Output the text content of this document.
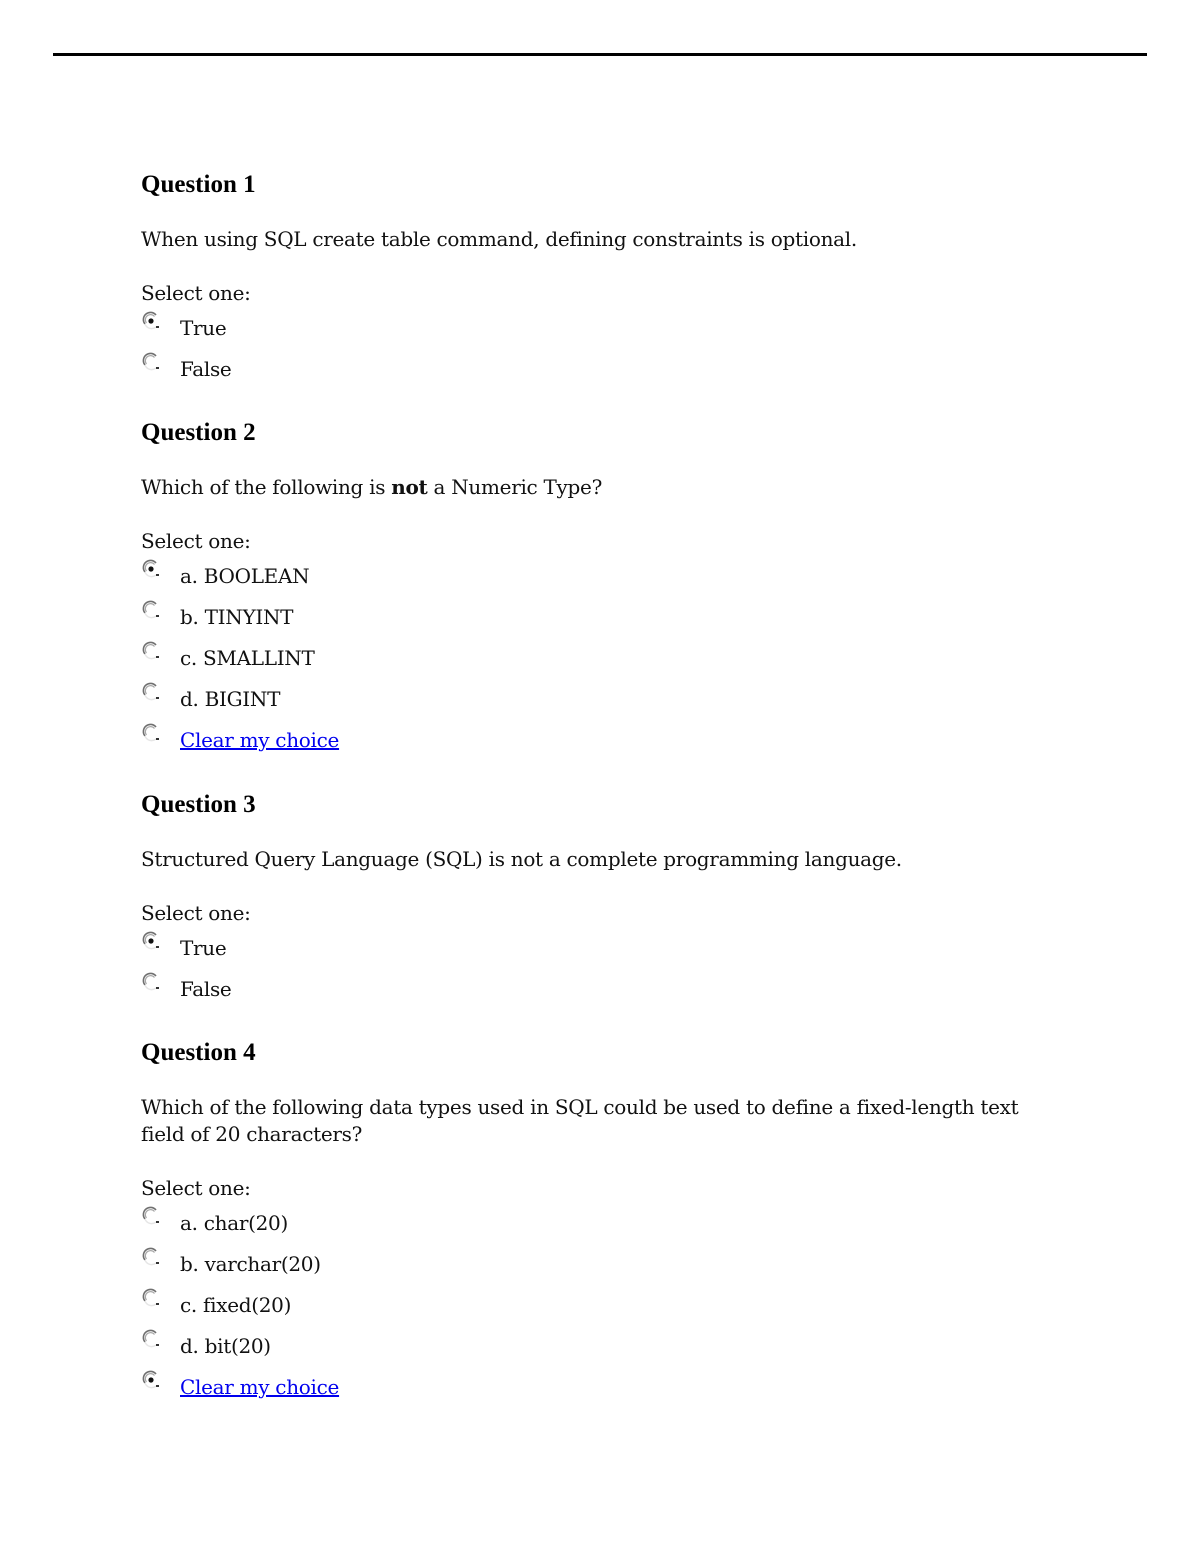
Question 1
When using SQL create table command, defining constraints is optional.
Select one:
True
False
Question 2
Which of the following is not a Numeric Type?
Select one:
a. BOOLEAN
b. TINYINT
c. SMALLINT
d. BIGINT
Clear my choice
Question 3
Structured Query Language (SQL) is not a complete programming language.
Select one:
True
False
Question 4
Which of the following data types used in SQL could be used to define a fixed-length text field of 20 characters?
Select one:
a. char(20)
b. varchar(20)
c. fixed(20)
d. bit(20)
Clear my choice
